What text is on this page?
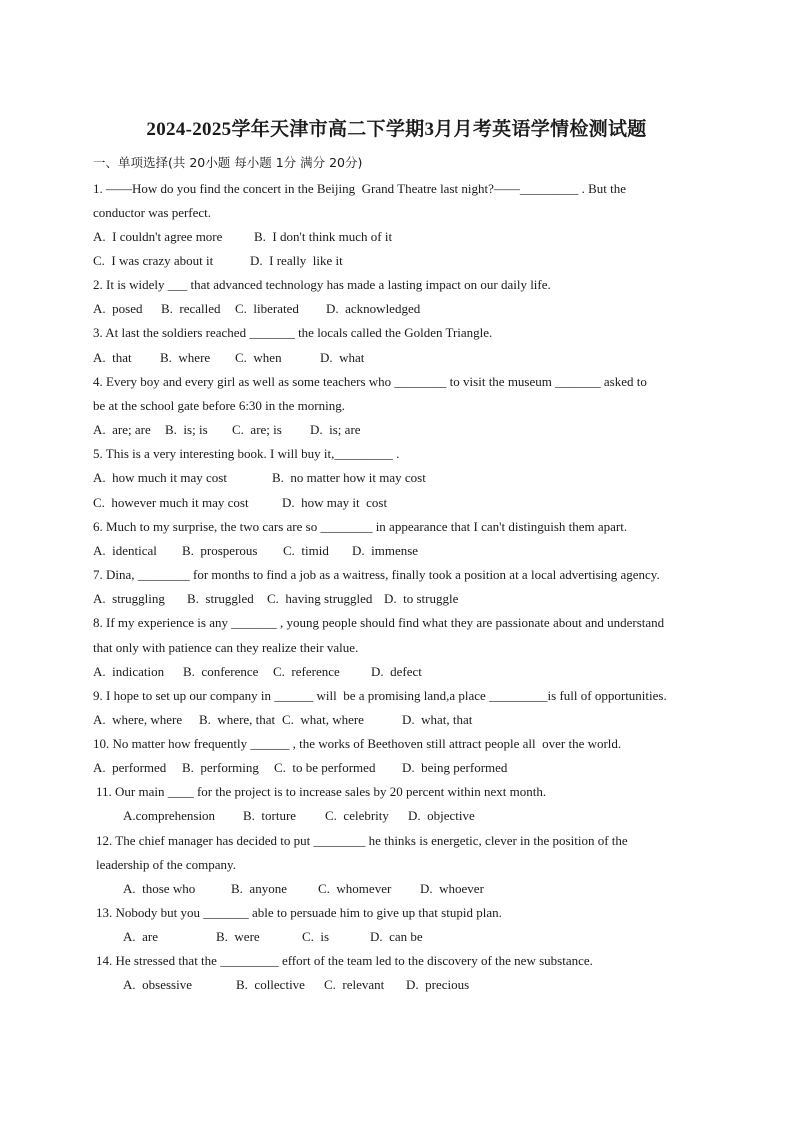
2024-2025学年天津市高二下学期3月月考英语学情检测试题
一、单项选择(共 20小题 每小题 1分 满分 20分)
1. ——How do you find the concert in the Beijing  Grand Theatre last night?——_________ . But the
conductor was perfect.
A.  I couldn't agree more B.  I don't think much of it
C.  I was crazy about it	D.  I really  like it
2. It is widely ___ that advanced technology has made a lasting impact on our daily life.
A.  posed B.  recalled C.  liberated D.  acknowledged
3. At last the soldiers reached _______ the locals called the Golden Triangle.
A.  that B.  where C.  when	D.  what
4. Every boy and every girl as well as some teachers who ________ to visit the museum _______ asked to
be at the school gate before 6:30 in the morning.
A.  are; are B.  is; is C.  are; is D.  is; are
5. This is a very interesting book. I will buy it,_________ .
A.  how much it may cost	B.  no matter how it may cost
C.  however much it may cost	D.  how may it  cost
6. Much to my surprise, the two cars are so ________ in appearance that I can't distinguish them apart.
A.  identical B.  prosperous C.  timid D.  immense
7. Dina, ________ for months to find a job as a waitress, finally took a position at a local advertising agency.
A.  struggling B.  struggled C.  having struggled D.  to struggle
8. If my experience is any _______ , young people should find what they are passionate about and understand
that only with patience can they realize their value.
A.  indication B.  conference C.  reference D.  defect
9. I hope to set up our company in ______ will  be a promising land,a place _________is full of opportunities.
A.  where, where B.  where, that C.  what, where	D.  what, that
10. No matter how frequently ______ , the works of Beethoven still attract people all  over the world.
A.  performed B.  performing C.  to be performed D.  being performed
11. Our main ____ for the project is to increase sales by 20 percent within next month.
A.comprehension B.  torture C.  celebrity D.  objective
12. The chief manager has decided to put ________ he thinks is energetic, clever in the position of the
leadership of the company.
A.  those who	B.  anyone C.  whomever D.  whoever
13. Nobody but you _______ able to persuade him to give up that stupid plan.
A.  are	B.  were	C.  is	D.  can be
14. He stressed that the _________ effort of the team led to the discovery of the new substance.
A.  obsessive	B.  collective C.  relevant D.  precious
